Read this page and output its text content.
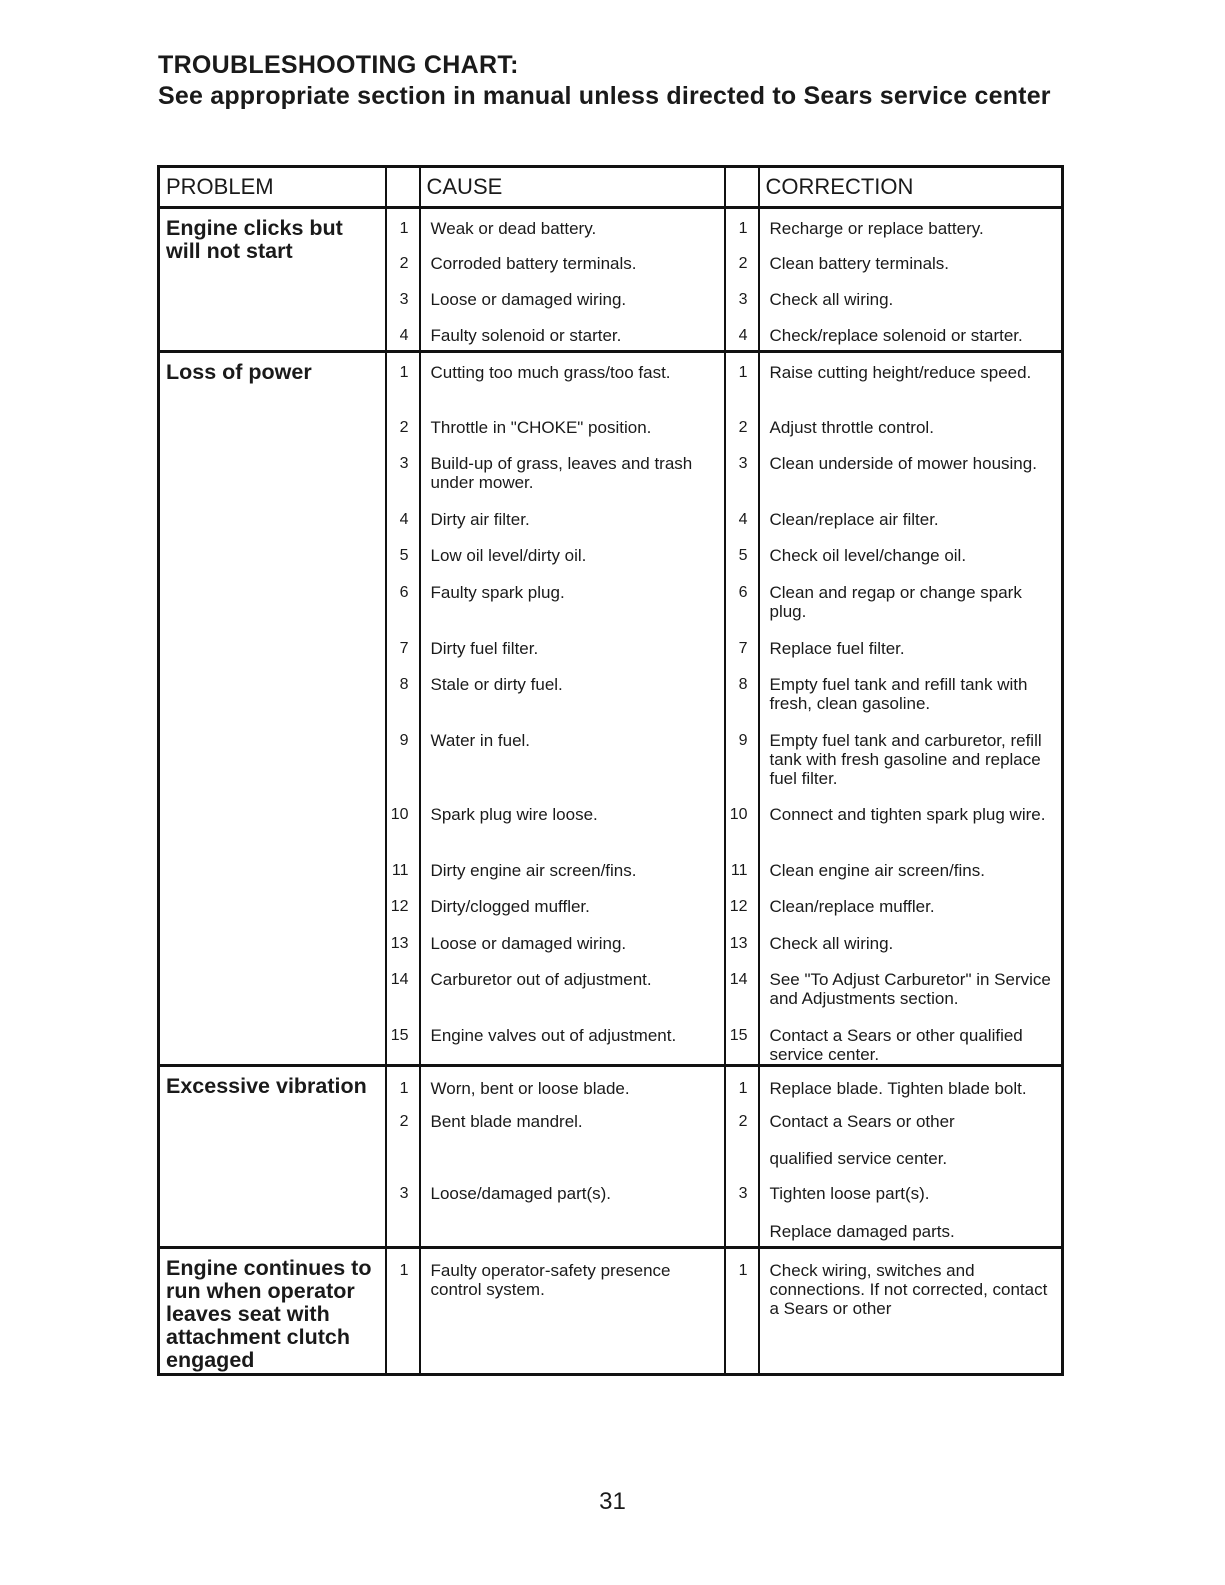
TROUBLESHOOTING CHART:
See appropriate section in manual unless directed to Sears service center
PROBLEM		CAUSE		CORRECTION
Engine clicks but will not start	1	Weak or dead battery.	1	Recharge or replace battery.

	2	Corroded battery terminals.	2	Clean battery terminals.

	3	Loose or damaged wiring.	3	Check all wiring.

	4	Faulty solenoid or starter.	4	Check/replace solenoid or starter.

Loss of power	1	Cutting too much grass/too fast.	1	Raise cutting height/reduce speed.

	2	Throttle in "CHOKE" position.	2	Adjust throttle control.

	3	Build-up of grass, leaves and trash under mower.	3	Clean underside of mower housing.

	4	Dirty air filter.	4	Clean/replace air filter.

	5	Low oil level/dirty oil.	5	Check oil level/change oil.

	6	Faulty spark plug.	6	Clean and regap or change spark plug.

	7	Dirty fuel filter.	7	Replace fuel filter.

	8	Stale or dirty fuel.	8	Empty fuel tank and refill tank with fresh, clean gasoline.

	9	Water in fuel.	9	Empty fuel tank and carburetor, refill tank with fresh gasoline and replace fuel filter.

	10	Spark plug wire loose.	10	Connect and tighten spark plug wire.

	11	Dirty engine air screen/fins.	11	Clean engine air screen/fins.

	12	Dirty/clogged muffler.	12	Clean/replace muffler.

	13	Loose or damaged wiring.	13	Check all wiring.

	14	Carburetor out of adjustment.	14	See "To Adjust Carburetor" in Service and Adjustments section.

	15	Engine valves out of adjustment.	15	Contact a Sears or other qualified service center.

Excessive vibration	1	Worn, bent or loose blade.	1	Replace blade. Tighten blade bolt.

	2	Bent blade mandrel.	2	Contact a Sears or other

				qualified service center.

	3	Loose/damaged part(s).	3	Tighten loose part(s).

				Replace damaged parts.

Engine continues to run when operator leaves seat with attachment clutch engaged	1	Faulty operator-safety presence control system.	1	Check wiring, switches and connections. If not corrected, contact a Sears or other
31
